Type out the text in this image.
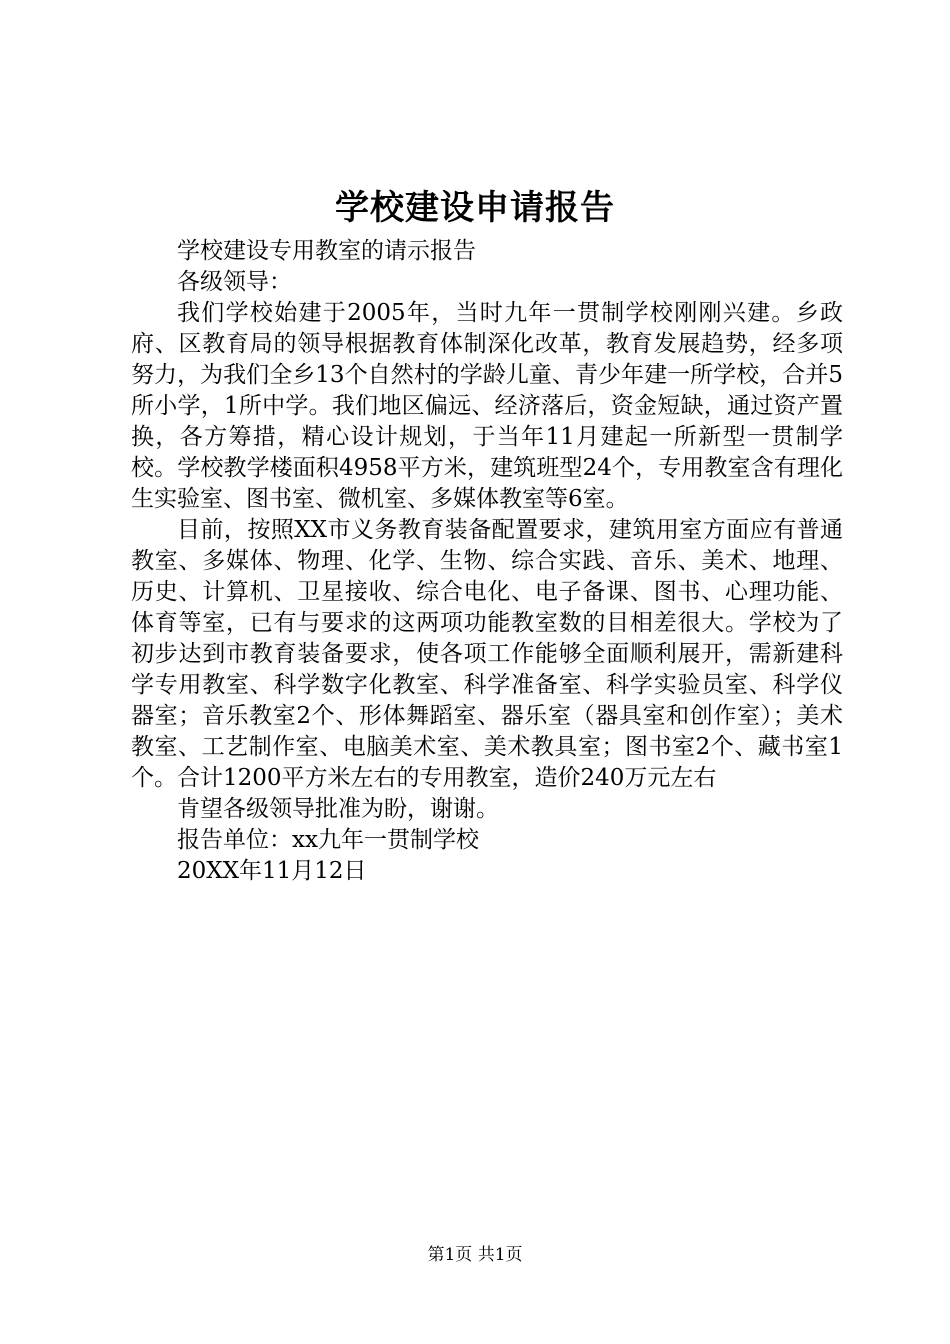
学校建设申请报告

学校建设专用教室的请示报告

各级领导：

我们学校始建于2005年，当时九年一贯制学校刚刚兴建。乡政府、区教育局的领导根据教育体制深化改革，教育发展趋势，经多项努力，为我们全乡13个自然村的学龄儿童、青少年建一所学校，合并5所小学，1所中学。我们地区偏远、经济落后，资金短缺，通过资产置换，各方筹措，精心设计规划，于当年11月建起一所新型一贯制学校。学校教学楼面积4958平方米，建筑班型24个，专用教室含有理化生实验室、图书室、微机室、多媒体教室等6室。

目前，按照XX市义务教育装备配置要求，建筑用室方面应有普通教室、多媒体、物理、化学、生物、综合实践、音乐、美术、地理、历史、计算机、卫星接收、综合电化、电子备课、图书、心理功能、体育等室，已有与要求的这两项功能教室数的目相差很大。学校为了初步达到市教育装备要求，使各项工作能够全面顺利展开，需新建科学专用教室、科学数字化教室、科学准备室、科学实验员室、科学仪器室；音乐教室2个、形体舞蹈室、器乐室（器具室和创作室）；美术教室、工艺制作室、电脑美术室、美术教具室；图书室2个、藏书室1个。合计1200平方米左右的专用教室，造价240万元左右

肯望各级领导批准为盼，谢谢。

报告单位：xx九年一贯制学校

20XX年11月12日

第1页 共1页
